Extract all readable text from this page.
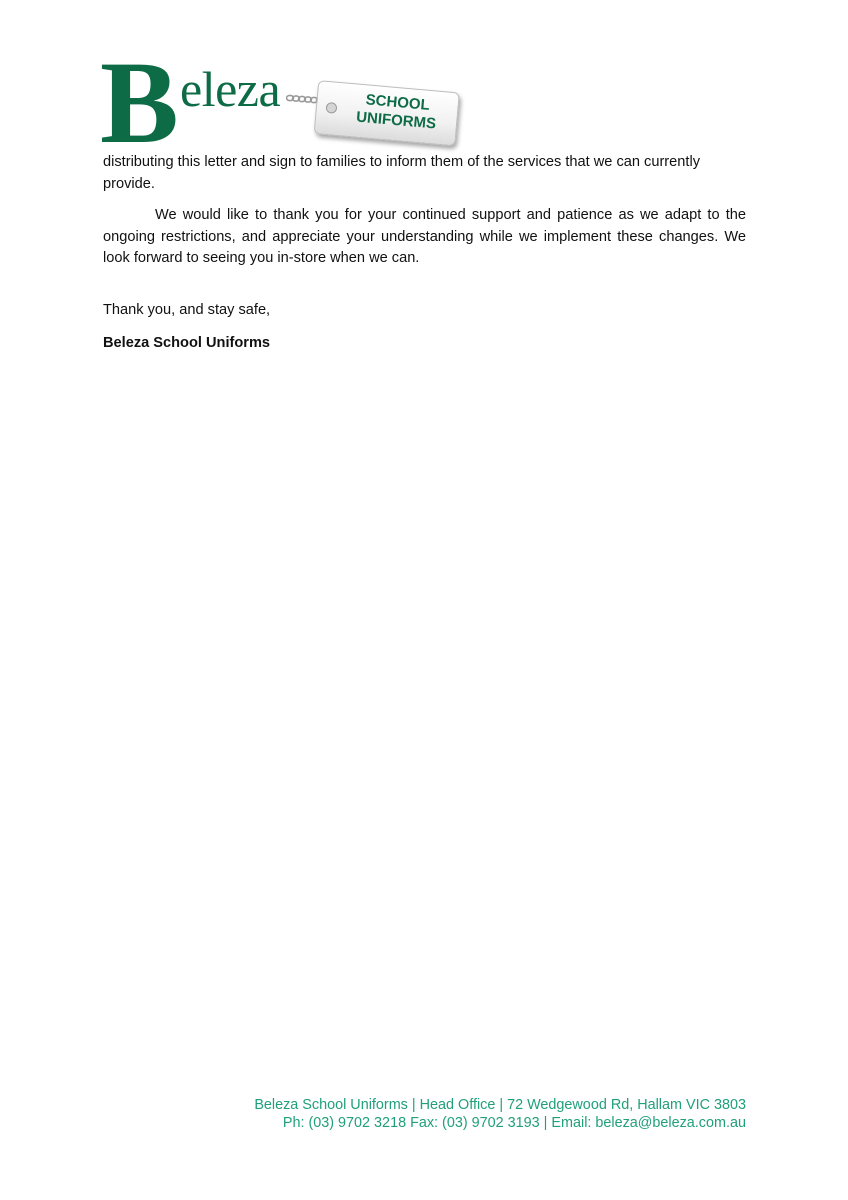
B eleza	SCHOOL
UNIFORMS

distributing this letter and sign to families to inform them of the services that we can currently provide.

We would like to thank you for your continued support and patience as we adapt to the ongoing restrictions, and appreciate your understanding while we implement these changes. We look forward to seeing you in-store when we can.

Thank you, and stay safe,

Beleza School Uniforms

Beleza School Uniforms | Head Office | 72 Wedgewood Rd, Hallam VIC 3803
Ph: (03) 9702 3218 Fax: (03) 9702 3193 | Email: beleza@beleza.com.au
